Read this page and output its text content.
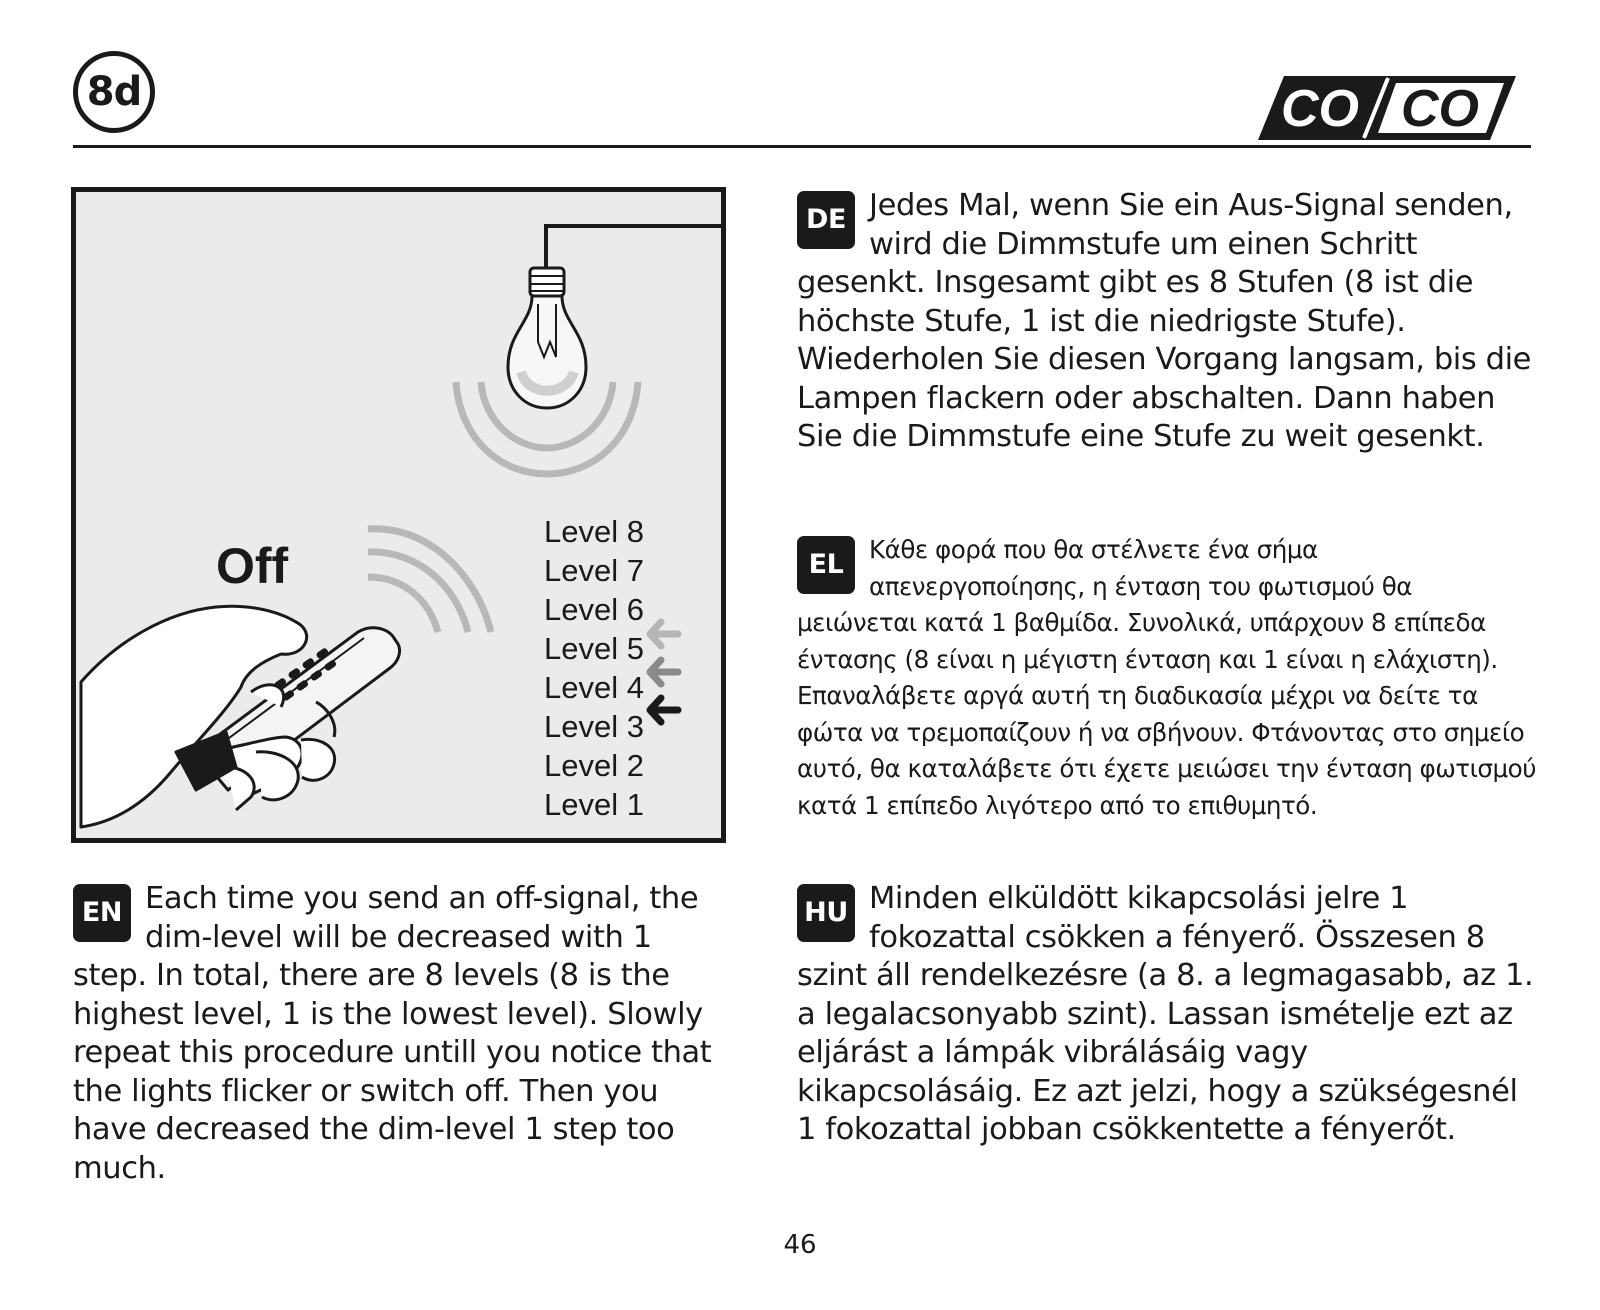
8d	CO CO
Off
Level 8
Level 7
Level 6
Level 5
Level 4
Level 3
Level 2
Level 1
DE Jedes Mal, wenn Sie ein Aus-Signal senden, wird die Dimmstufe um einen Schritt gesenkt. Insgesamt gibt es 8 Stufen (8 ist die höchste Stufe, 1 ist die niedrigste Stufe). Wiederholen Sie diesen Vorgang langsam, bis die Lampen flackern oder abschalten. Dann haben Sie die Dimmstufe eine Stufe zu weit gesenkt.
EL	Κάθε φορά που θα στέλνετε ένα σήμα απενεργοποίησης, η ένταση του φωτισμού θα μειώνεται κατά 1 βαθμίδα. Συνολικά, υπάρχουν 8 επίπεδα έντασης (8 είναι η μέγιστη ένταση και 1 είναι η ελάχιστη). Επαναλάβετε αργά αυτή τη διαδικασία μέχρι να δείτε τα φώτα να τρεμοπαίζουν ή να σβήνουν. Φτάνοντας στο σημείο αυτό, θα καταλάβετε ότι έχετε μειώσει την ένταση φωτισμού κατά 1 επίπεδο λιγότερο από το επιθυμητό.
EN Each time you send an off-signal, the dim-level will be decreased with 1 step. In total, there are 8 levels (8 is the highest level, 1 is the lowest level). Slowly repeat this procedure untill you notice that the lights flicker or switch off. Then you have decreased the dim-level 1 step too much.
HU Minden elküldött kikapcsolási jelre 1 fokozattal csökken a fényerő. Összesen 8 szint áll rendelkezésre (a 8. a legmagasabb, az 1. a legalacsonyabb szint). Lassan ismételje ezt az eljárást a lámpák vibrálásáig vagy kikapcsolásáig. Ez azt jelzi, hogy a szükségesnél 1 fokozattal jobban csökkentette a fényerőt.
46
